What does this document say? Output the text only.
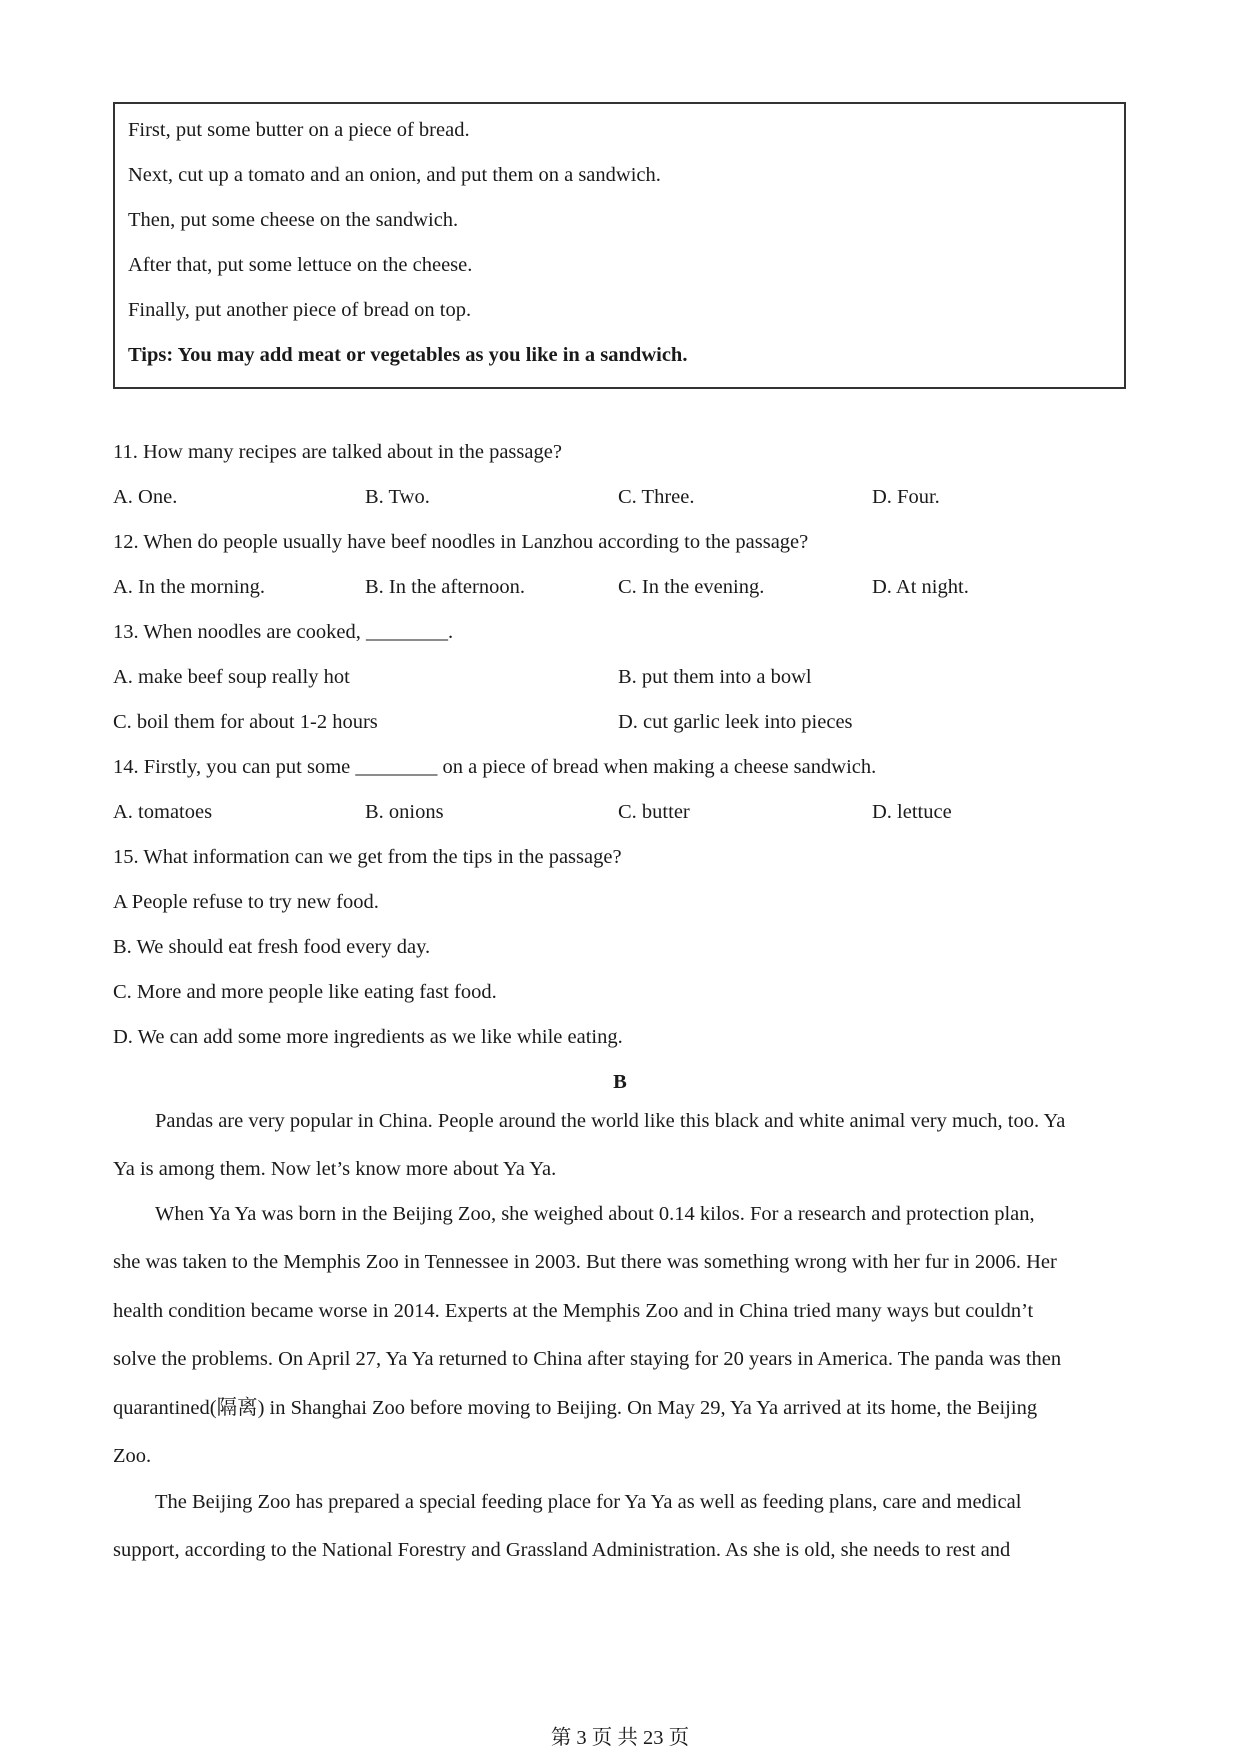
First, put some butter on a piece of bread.
Next, cut up a tomato and an onion, and put them on a sandwich.
Then, put some cheese on the sandwich.
After that, put some lettuce on the cheese.
Finally, put another piece of bread on top.
Tips: You may add meat or vegetables as you like in a sandwich.
11. How many recipes are talked about in the passage?
A. One.	B. Two.	C. Three.	D. Four.
12. When do people usually have beef noodles in Lanzhou according to the passage?
A. In the morning.	B. In the afternoon.	C. In the evening.	D. At night.
13. When noodles are cooked, ________.
A. make beef soup really hot	B. put them into a bowl
C. boil them for about 1-2 hours	D. cut garlic leek into pieces
14. Firstly, you can put some ________ on a piece of bread when making a cheese sandwich.
A. tomatoes	B. onions	C. butter	D. lettuce
15. What information can we get from the tips in the passage?
A People refuse to try new food.
B. We should eat fresh food every day.
C. More and more people like eating fast food.
D. We can add some more ingredients as we like while eating.
B
Pandas are very popular in China. People around the world like this black and white animal very much, too. Ya
Ya is among them. Now let’s know more about Ya Ya.
When Ya Ya was born in the Beijing Zoo, she weighed about 0.14 kilos. For a research and protection plan,
she was taken to the Memphis Zoo in Tennessee in 2003. But there was something wrong with her fur in 2006. Her
health condition became worse in 2014. Experts at the Memphis Zoo and in China tried many ways but couldn’t
solve the problems. On April 27, Ya Ya returned to China after staying for 20 years in America. The panda was then
quarantined(隔离) in Shanghai Zoo before moving to Beijing. On May 29, Ya Ya arrived at its home, the Beijing
Zoo.
The Beijing Zoo has prepared a special feeding place for Ya Ya as well as feeding plans, care and medical
support, according to the National Forestry and Grassland Administration. As she is old, she needs to rest and
第 3 页 共 23 页
